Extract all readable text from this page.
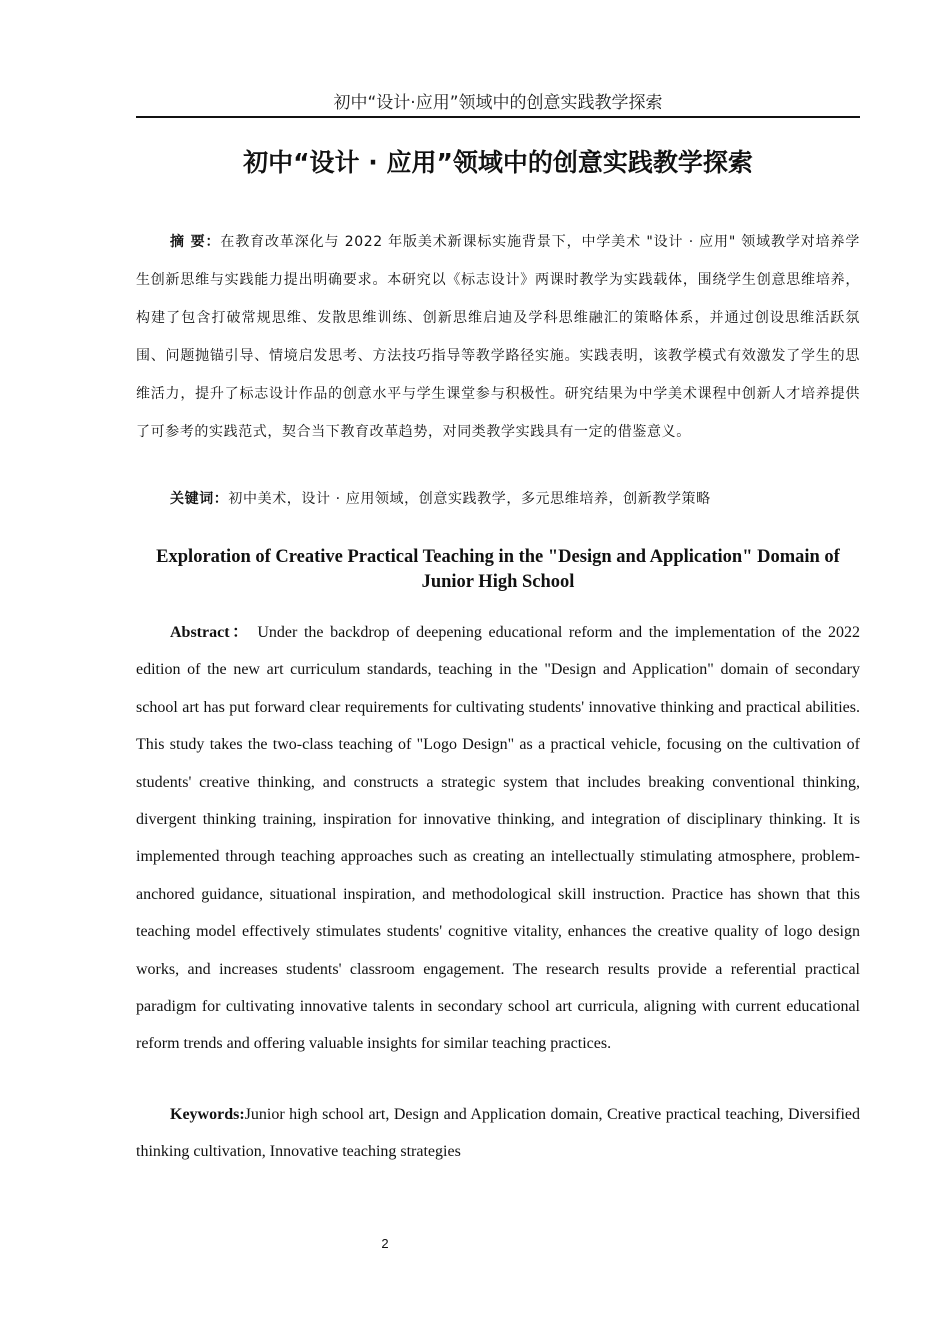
初中“设计·应用”领域中的创意实践教学探索
初中“设计 · 应用”领域中的创意实践教学探索

摘 要：在教育改革深化与 2022 年版美术新课标实施背景下，中学美术 "设计 · 应用" 领域教学对培养学生创新思维与实践能力提出明确要求。本研究以《标志设计》两课时教学为实践载体，围绕学生创意思维培养，构建了包含打破常规思维、发散思维训练、创新思维启迪及学科思维融汇的策略体系，并通过创设思维活跃氛围、问题抛锚引导、情境启发思考、方法技巧指导等教学路径实施。实践表明，该教学模式有效激发了学生的思维活力，提升了标志设计作品的创意水平与学生课堂参与积极性。研究结果为中学美术课程中创新人才培养提供了可参考的实践范式，契合当下教育改革趋势，对同类教学实践具有一定的借鉴意义。

关键词：初中美术，设计 · 应用领域，创意实践教学，多元思维培养，创新教学策略

Exploration of Creative Practical Teaching in the "Design and Application" Domain of Junior High School

Abstract： Under the backdrop of deepening educational reform and the implementation of the 2022 edition of the new art curriculum standards, teaching in the "Design and Application" domain of secondary school art has put forward clear requirements for cultivating students' innovative thinking and practical abilities. This study takes the two-class teaching of "Logo Design" as a practical vehicle, focusing on the cultivation of students' creative thinking, and constructs a strategic system that includes breaking conventional thinking, divergent thinking training, inspiration for innovative thinking, and integration of disciplinary thinking. It is implemented through teaching approaches such as creating an intellectually stimulating atmosphere, problem-anchored guidance, situational inspiration, and methodological skill instruction. Practice has shown that this teaching model effectively stimulates students' cognitive vitality, enhances the creative quality of logo design works, and increases students' classroom engagement. The research results provide a referential practical paradigm for cultivating innovative talents in secondary school art curricula, aligning with current educational reform trends and offering valuable insights for similar teaching practices.

Keywords:Junior high school art, Design and Application domain, Creative practical teaching, Diversified thinking cultivation, Innovative teaching strategies

2
